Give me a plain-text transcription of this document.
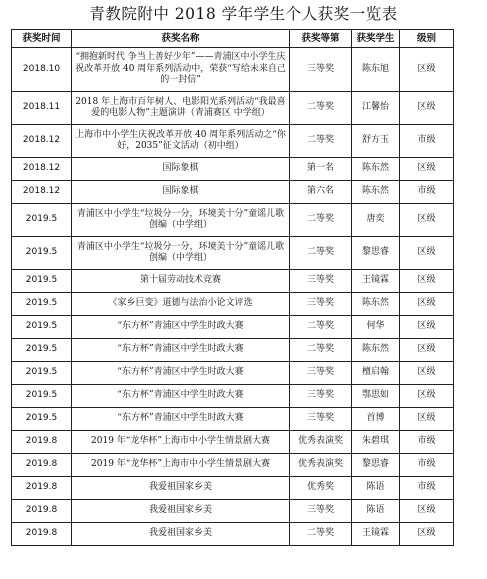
青教院附中 2018 学年学生个人获奖一览表
获奖时间	获奖名称	获奖等第	获奖学生	级别
2018.10	“拥抱新时代 争当上善好少年”——青浦区中小学生庆祝改革开放 40 周年系列活动中，荣获“写给未来自己的一封信”	三等奖	陈东旭	区级
2018.11	2018 年上海市百年树人、电影阳光系列活动“我最喜爱的电影人物”主题演讲（青浦赛区 中学组）	二等奖	江馨怡	区级
2018.12	上海市中小学生庆祝改革开放 40 周年系列活动之“你好，2035”征文活动（初中组）	二等奖	舒方玉	市级
2018.12	国际象棋	第一名	陈东然	区级
2018.12	国际象棋	第六名	陈东然	市级
2019.5	青浦区中小学生“垃圾分一分，环境美十分”童谣儿歌创编（中学组）	二等奖	唐奕	区级
2019.5	青浦区中小学生“垃圾分一分，环境美十分”童谣儿歌创编（中学组）	二等奖	黎思睿	区级
2019.5	第十届劳动技术竞赛	三等奖	王镜霖	区级
2019.5	《家乡巨变》道德与法治小论文评选	三等奖	陈东然	区级
2019.5	“东方杯”青浦区中学生时政大赛	二等奖	何华	区级
2019.5	“东方杯”青浦区中学生时政大赛	二等奖	陈东然	区级
2019.5	“东方杯”青浦区中学生时政大赛	三等奖	檀启翰	区级
2019.5	“东方杯”青浦区中学生时政大赛	三等奖	鄂思如	区级
2019.5	“东方杯”青浦区中学生时政大赛	三等奖	首博	区级
2019.8	2019 年“龙华杯”上海市中小学生情景剧大赛	优秀表演奖	朱碧琪	市级
2019.8	2019 年“龙华杯”上海市中小学生情景剧大赛	优秀表演奖	黎思睿	市级
2019.8	我爱祖国家乡美	优秀奖	陈语	市级
2019.8	我爱祖国家乡美	三等奖	陈语	区级
2019.8	我爱祖国家乡美	二等奖	王镜霖	区级
